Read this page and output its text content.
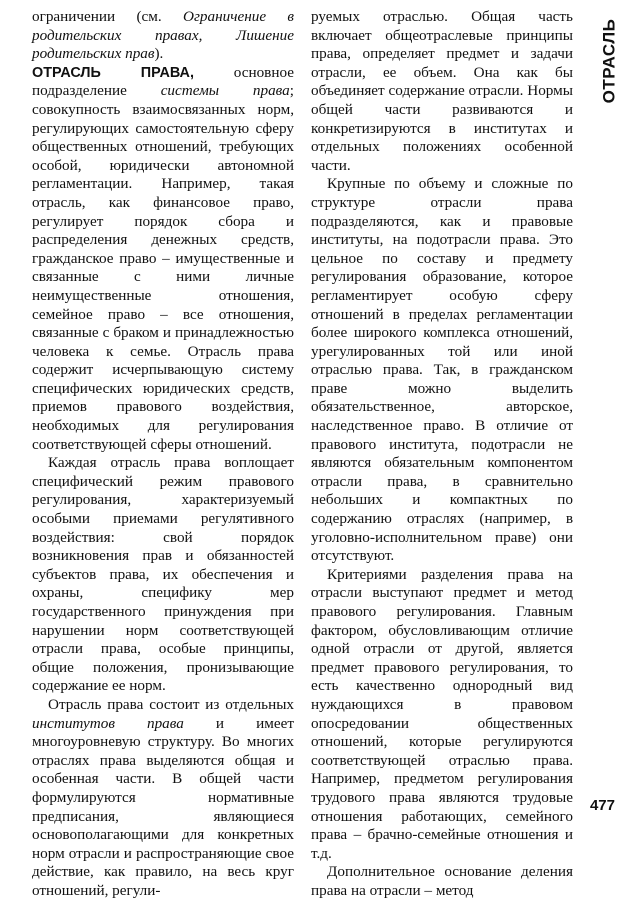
ОТРАСЛЬ

ограничении (см. Ограничение в родительских правах, Лишение родительских прав).

ОТРАСЛЬ ПРАВА, основное подразделение системы права; совокупность взаимосвязанных норм, регулирующих самостоятельную сферу общественных отношений, требующих особой, юридически автономной регламентации. Например, такая отрасль, как финансовое право, регулирует порядок сбора и распределения денежных средств, гражданское право – имущественные и связанные с ними личные неимущественные отношения, семейное право – все отношения, связанные с браком и принадлежностью человека к семье. Отрасль права содержит исчерпывающую систему специфических юридических средств, приемов правового воздействия, необходимых для регулирования соответствующей сферы отношений.

Каждая отрасль права воплощает специфический режим правового регулирования, характеризуемый особыми приемами регулятивного воздействия: свой порядок возникновения прав и обязанностей субъектов права, их обеспечения и охраны, специфику мер государственного принуждения при нарушении норм соответствующей отрасли права, особые принципы, общие положения, пронизывающие содержание ее норм.

Отрасль права состоит из отдельных институтов права и имеет многоуровневую структуру. Во многих отраслях права выделяются общая и особенная части. В общей части формулируются нормативные предписания, являющиеся основополагающими для конкретных норм отрасли и распространяющие свое действие, как правило, на весь круг отношений, регули-

руемых отраслью. Общая часть включает общеотраслевые принципы права, определяет предмет и задачи отрасли, ее объем. Она как бы объединяет содержание отрасли. Нормы общей части развиваются и конкретизируются в институтах и отдельных положениях особенной части.

Крупные по объему и сложные по структуре отрасли права подразделяются, как и правовые институты, на подотрасли права. Это цельное по составу и предмету регулирования образование, которое регламентирует особую сферу отношений в пределах регламентации более широкого комплекса отношений, урегулированных той или иной отраслью права. Так, в гражданском праве можно выделить обязательственное, авторское, наследственное право. В отличие от правового института, подотрасли не являются обязательным компонентом отрасли права, в сравнительно небольших и компактных по содержанию отраслях (например, в уголовно-исполнительном праве) они отсутствуют.

Критериями разделения права на отрасли выступают предмет и метод правового регулирования. Главным фактором, обусловливающим отличие одной отрасли от другой, является предмет правового регулирования, то есть качественно однородный вид нуждающихся в правовом опосредовании общественных отношений, которые регулируются соответствующей отраслью права. Например, предметом регулирования трудового права являются трудовые отношения работающих, семейного права – брачно-семейные отношения и т.д.

Дополнительное основание деления права на отрасли – метод

477
